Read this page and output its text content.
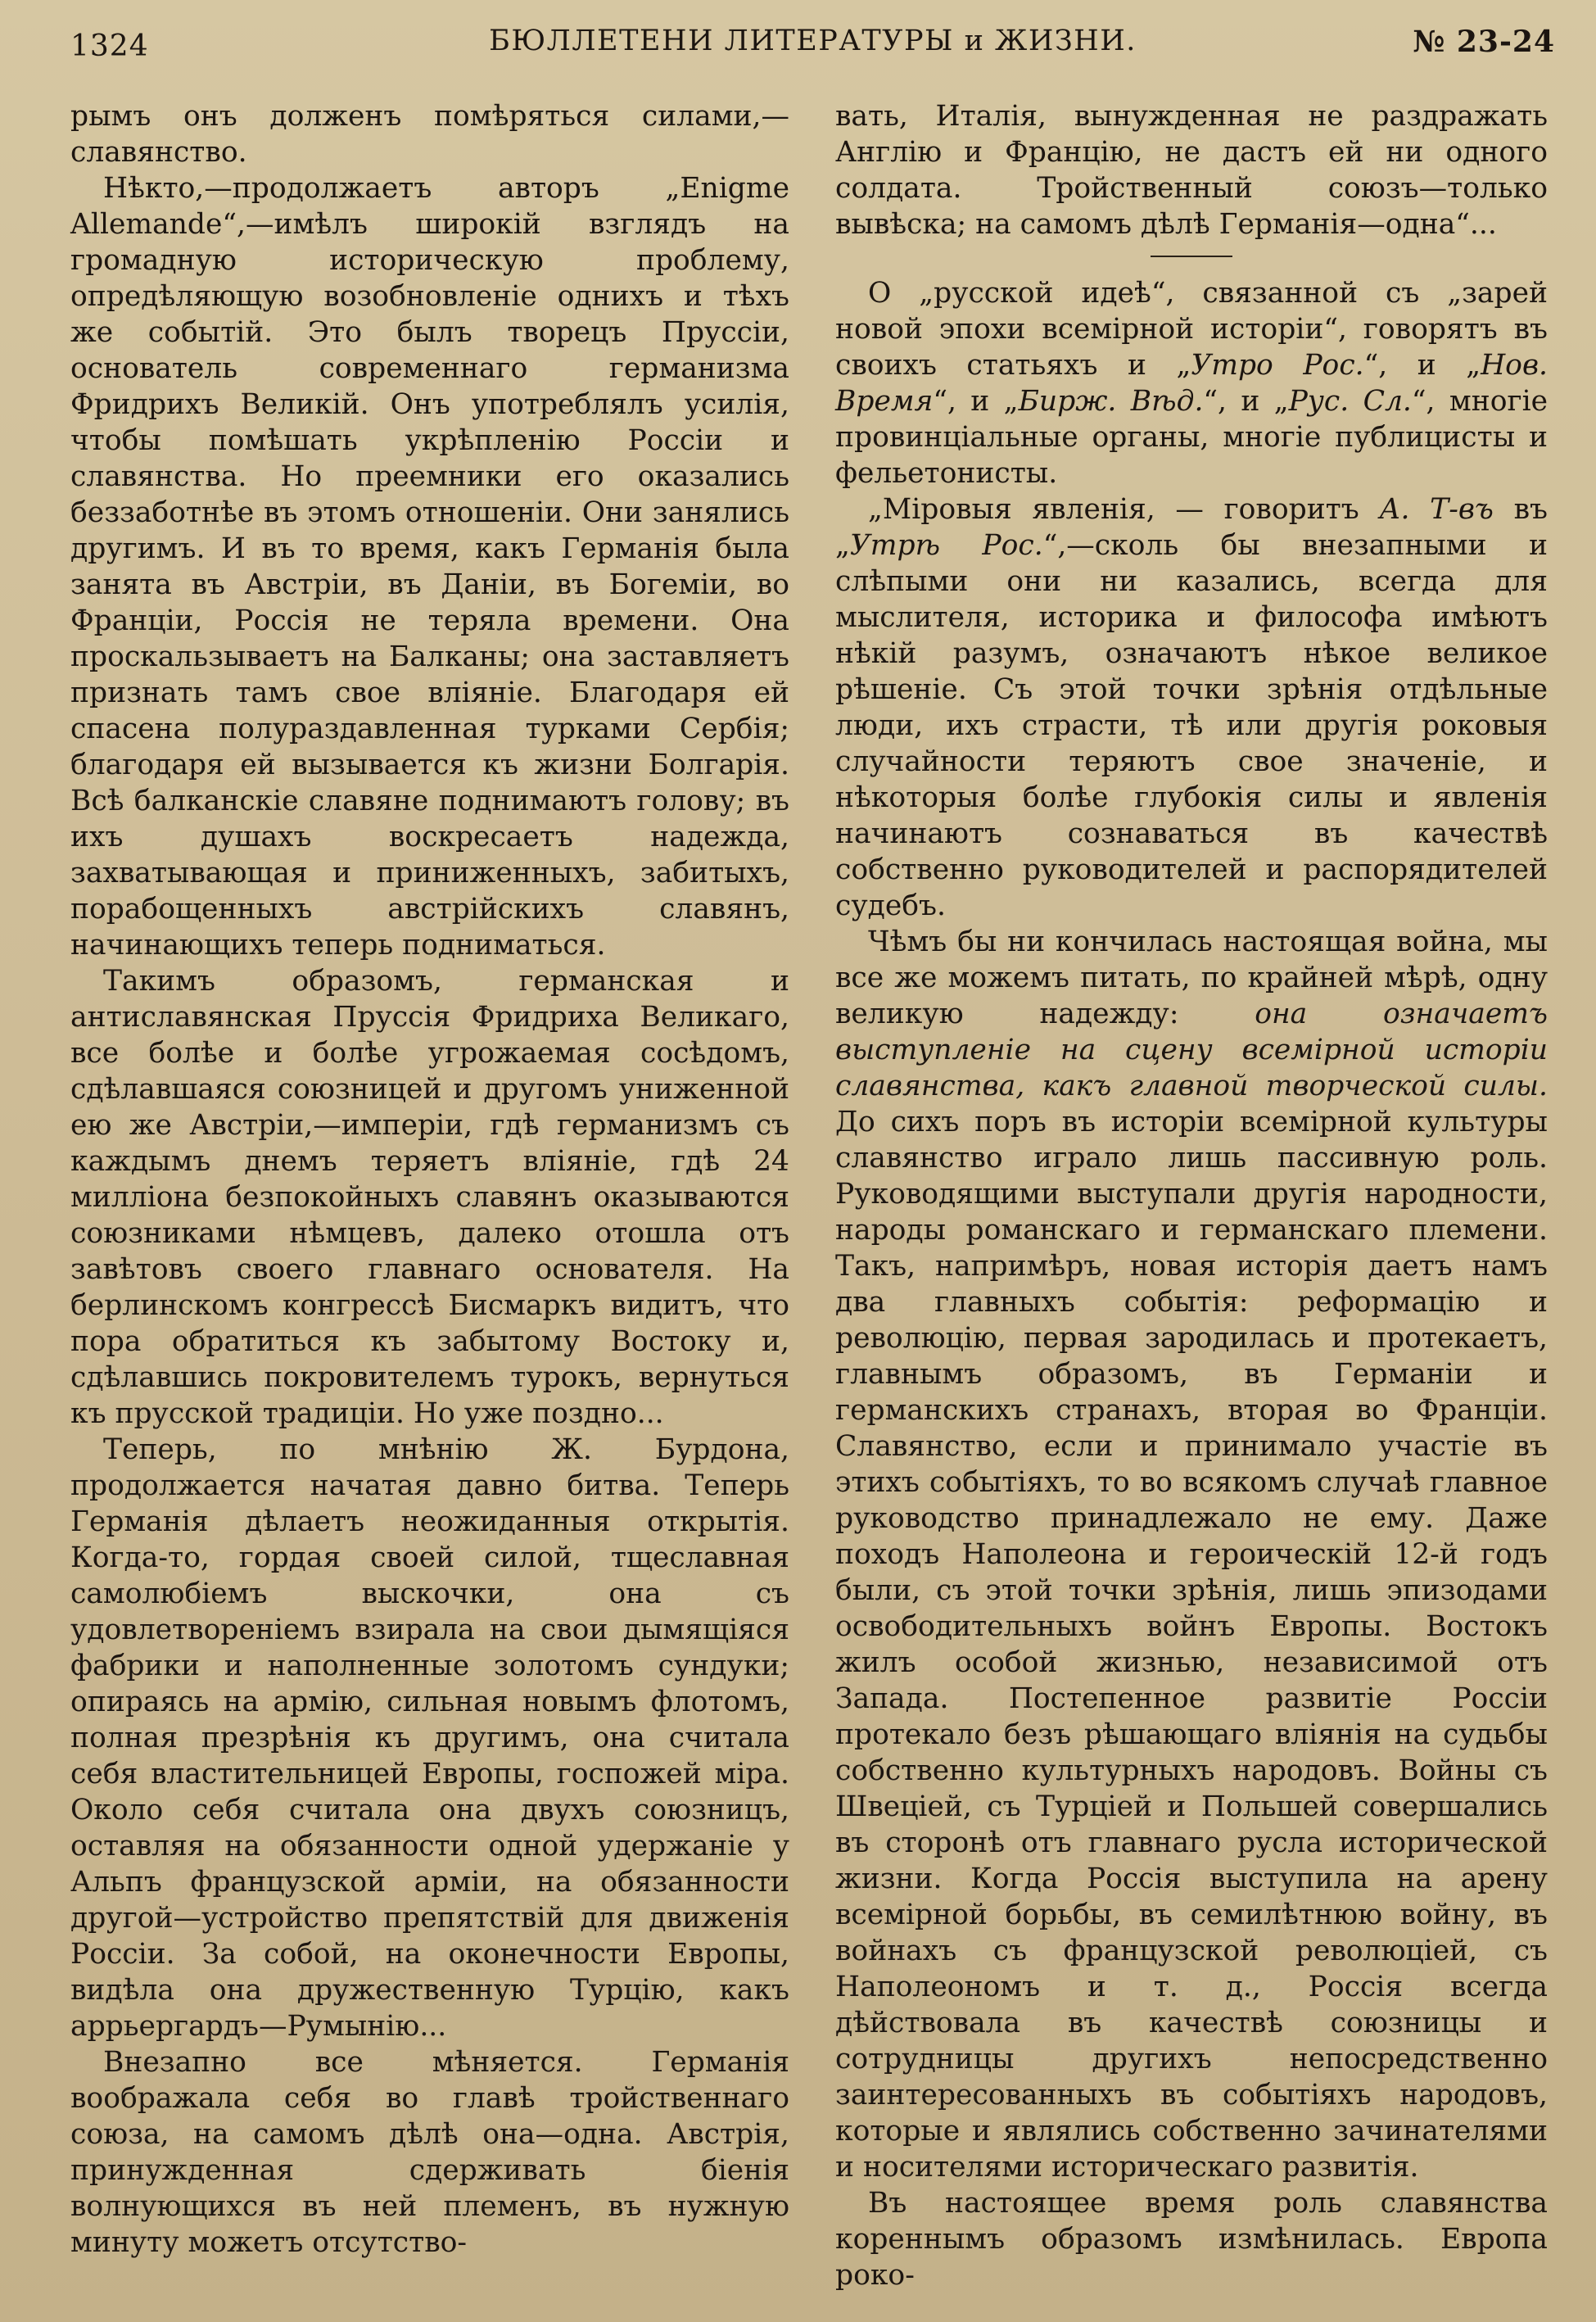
1324	БЮЛЛЕТЕНИ ЛИТЕРАТУРЫ и ЖИЗНИ.	№ 23-24

рымъ онъ долженъ помѣряться силами,—славянство.

Нѣкто,—продолжаетъ авторъ „Enigme Allemande“,—имѣлъ широкій взглядъ на громадную историческую проблему, опредѣляющую возобновленіе однихъ и тѣхъ же событій. Это былъ творецъ Пруссіи, основатель современнаго германизма Фридрихъ Великій. Онъ употреблялъ усилія, чтобы помѣшать укрѣпленію Россіи и славянства. Но преемники его оказались беззаботнѣе въ этомъ отношеніи. Они занялись другимъ. И въ то время, какъ Германія была занята въ Австріи, въ Даніи, въ Богеміи, во Франціи, Россія не теряла времени. Она проскальзываетъ на Балканы; она заставляетъ признать тамъ свое вліяніе. Благодаря ей спасена полураздавленная турками Сербія; благодаря ей вызывается къ жизни Болгарія. Всѣ балканскіе славяне поднимаютъ голову; въ ихъ душахъ воскресаетъ надежда, захватывающая и приниженныхъ, забитыхъ, порабощенныхъ австрійскихъ славянъ, начинающихъ теперь подниматься.

Такимъ образомъ, германская и антиславянская Пруссія Фридриха Великаго, все болѣе и болѣе угрожаемая сосѣдомъ, сдѣлавшаяся союзницей и другомъ униженной ею же Австріи,—имперіи, гдѣ германизмъ съ каждымъ днемъ теряетъ вліяніе, гдѣ 24 милліона безпокойныхъ славянъ оказываются союзниками нѣмцевъ, далеко отошла отъ завѣтовъ своего главнаго основателя. На берлинскомъ конгрессѣ Бисмаркъ видитъ, что пора обратиться къ забытому Востоку и, сдѣлавшись покровителемъ турокъ, вернуться къ прусской традиціи. Но уже поздно...

Теперь, по мнѣнію Ж. Бурдона, продолжается начатая давно битва. Теперь Германія дѣлаетъ неожиданныя открытія. Когда-то, гордая своей силой, тщеславная самолюбіемъ выскочки, она съ удовлетвореніемъ взирала на свои дымящіяся фабрики и наполненные золотомъ сундуки; опираясь на армію, сильная новымъ флотомъ, полная презрѣнія къ другимъ, она считала себя властительницей Европы, госпожей міра. Около себя считала она двухъ союзницъ, оставляя на обязанности одной удержаніе у Альпъ французской арміи, на обязанности другой—устройство препятствій для движенія Россіи. За собой, на оконечности Европы, видѣла она дружественную Турцію, какъ аррьергардъ—Румынію...

Внезапно все мѣняется. Германія воображала себя во главѣ тройственнаго союза, на самомъ дѣлѣ она—одна. Австрія, принужденная сдерживать біенія волнующихся въ ней племенъ, въ нужную минуту можетъ отсутство-

вать, Италія, вынужденная не раздражать Англію и Францію, не дастъ ей ни одного солдата. Тройственный союзъ—только вывѣска; на самомъ дѣлѣ Германія—одна“...

О „русской идеѣ“, связанной съ „зарей новой эпохи всемірной исторіи“, говорятъ въ своихъ статьяхъ и „Утро Рос.“, и „Нов. Время“, и „Бирж. Вѣд.“, и „Рус. Сл.“, многіе провинціальные органы, многіе публицисты и фельетонисты.

„Міровыя явленія, — говоритъ А. Т-въ въ „Утрѣ Рос.“,—сколь бы внезапными и слѣпыми они ни казались, всегда для мыслителя, историка и философа имѣютъ нѣкій разумъ, означаютъ нѣкое великое рѣшеніе. Съ этой точки зрѣнія отдѣльные люди, ихъ страсти, тѣ или другія роковыя случайности теряютъ свое значеніе, и нѣкоторыя болѣе глубокія силы и явленія начинаютъ сознаваться въ качествѣ собственно руководителей и распорядителей судебъ.

Чѣмъ бы ни кончилась настоящая война, мы все же можемъ питать, по крайней мѣрѣ, одну великую надежду: она означаетъ выступленіе на сцену всемірной исторіи славянства, какъ главной творческой силы. До сихъ поръ въ исторіи всемірной культуры славянство играло лишь пассивную роль. Руководящими выступали другія народности, народы романскаго и германскаго племени. Такъ, напримѣръ, новая исторія даетъ намъ два главныхъ событія: реформацію и революцію, первая зародилась и протекаетъ, главнымъ образомъ, въ Германіи и германскихъ странахъ, вторая во Франціи. Славянство, если и принимало участіе въ этихъ событіяхъ, то во всякомъ случаѣ главное руководство принадлежало не ему. Даже походъ Наполеона и героическій 12-й годъ были, съ этой точки зрѣнія, лишь эпизодами освободительныхъ войнъ Европы. Востокъ жилъ особой жизнью, независимой отъ Запада. Постепенное развитіе Россіи протекало безъ рѣшающаго вліянія на судьбы собственно культурныхъ народовъ. Войны съ Швеціей, съ Турціей и Польшей совершались въ сторонѣ отъ главнаго русла исторической жизни. Когда Россія выступила на арену всемірной борьбы, въ семилѣтнюю войну, въ войнахъ съ французской революціей, съ Наполеономъ и т. д., Россія всегда дѣйствовала въ качествѣ союзницы и сотрудницы другихъ непосредственно заинтересованныхъ въ событіяхъ народовъ, которые и являлись собственно зачинателями и носителями историческаго развитія.

Въ настоящее время роль славянства кореннымъ образомъ измѣнилась. Европа роко-
